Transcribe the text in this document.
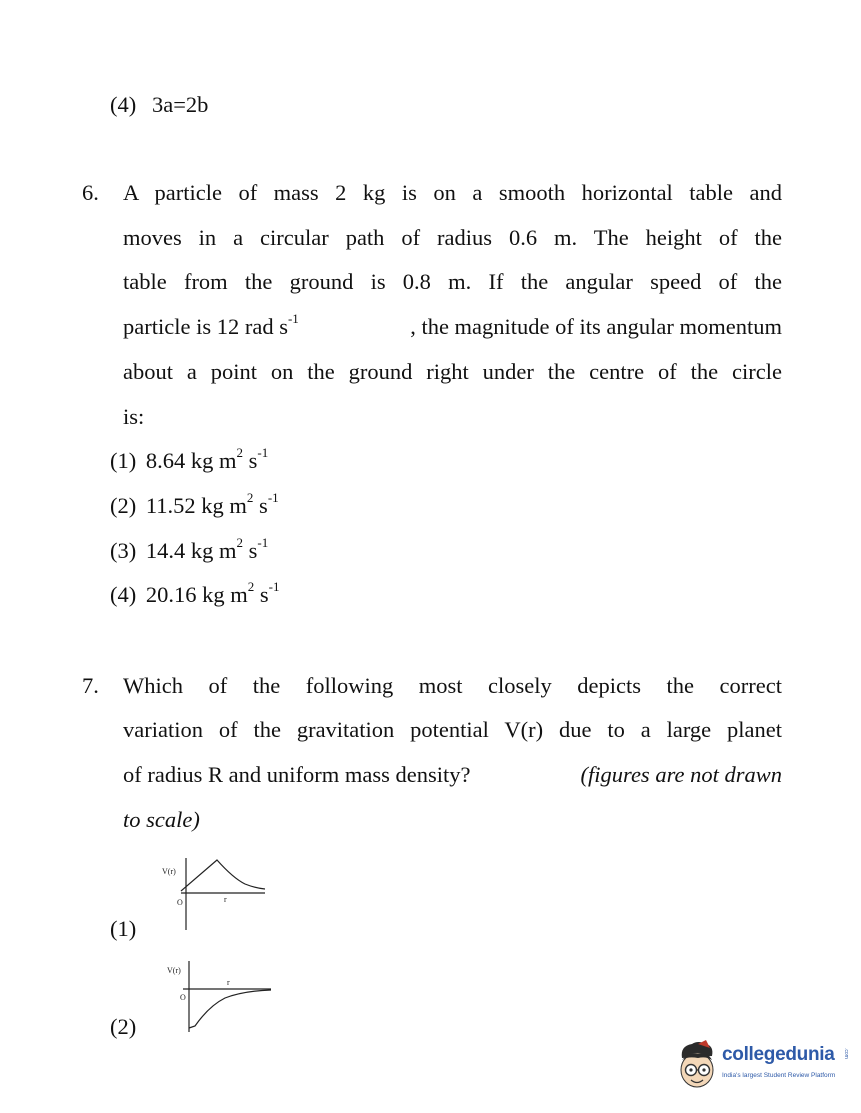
(4) 3a=2b
6. A particle of mass 2 kg is on a smooth horizontal table and
moves in a circular path of radius 0.6 m. The height of the
table from the ground is 0.8 m. If the angular speed of the
particle is 12 rad $s^{-1}$	, the magnitude of its angular momentum
about a point on the ground right under the centre of the circle
is:
(1) 8.64 kg $m^2$ $s^{-1}$
(2) 11.52 kg $m^2$ $s^{-1}$
(3) 14.4 kg $m^2$ $s^{-1}$
(4) 20.16 kg $m^2$ $s^{-1}$
7. Which of the following most closely depicts the correct
variation of the gravitation potential V(r) due to a large planet
of radius R and uniform mass density?	(figures are not drawn
to scale)
(1)
V(r)
O	r
(2)
V(r)
O
r
collegedunia
India's largest Student Review Platform
.com
